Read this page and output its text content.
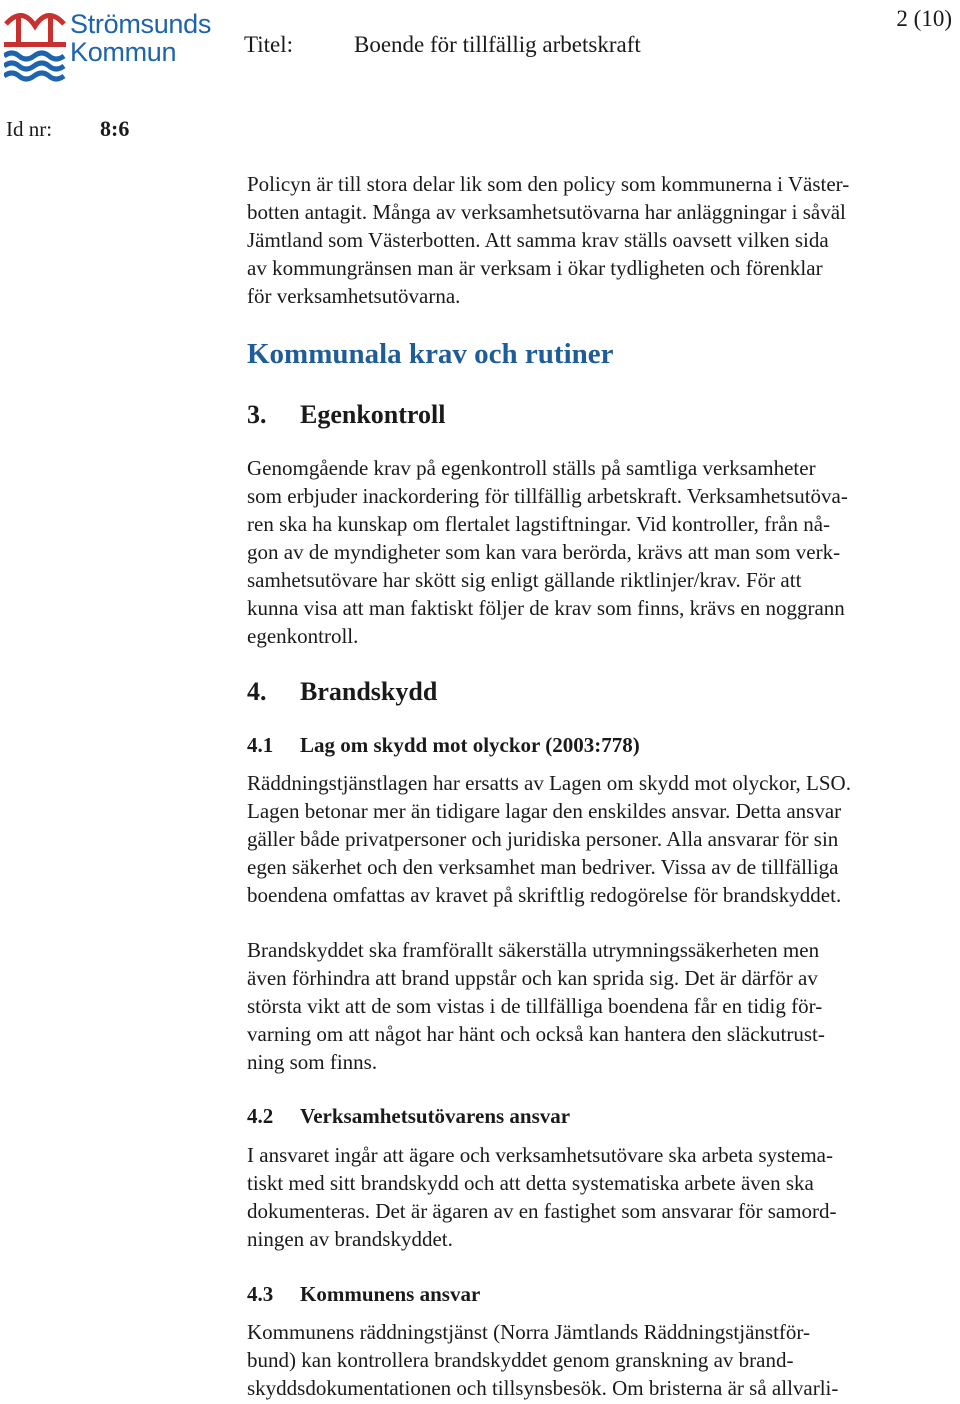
Strömsunds
Kommun	Titel:	Boende för tillfällig arbetskraft
2 (10)
Id nr: 8:6

Policyn är till stora delar lik som den policy som kommunerna i Väster-
botten antagit. Många av verksamhetsutövarna har anläggningar i såväl
Jämtland som Västerbotten. Att samma krav ställs oavsett vilken sida
av kommungränsen man är verksam i ökar tydligheten och förenklar
för verksamhetsutövarna.

Kommunala krav och rutiner
3.	Egenkontroll

Genomgående krav på egenkontroll ställs på samtliga verksamheter
som erbjuder inackordering för tillfällig arbetskraft. Verksamhetsutöva-
ren ska ha kunskap om flertalet lagstiftningar. Vid kontroller, från nå-
gon av de myndigheter som kan vara berörda, krävs att man som verk-
samhetsutövare har skött sig enligt gällande riktlinjer/krav. För att
kunna visa att man faktiskt följer de krav som finns, krävs en noggrann
egenkontroll.

4.	Brandskydd
4.1	Lag om skydd mot olyckor (2003:778)

Räddningstjänstlagen har ersatts av Lagen om skydd mot olyckor, LSO.
Lagen betonar mer än tidigare lagar den enskildes ansvar. Detta ansvar
gäller både privatpersoner och juridiska personer. Alla ansvarar för sin
egen säkerhet och den verksamhet man bedriver. Vissa av de tillfälliga
boendena omfattas av kravet på skriftlig redogörelse för brandskyddet.

Brandskyddet ska framförallt säkerställa utrymningssäkerheten men
även förhindra att brand uppstår och kan sprida sig. Det är därför av
största vikt att de som vistas i de tillfälliga boendena får en tidig för-
varning om att något har hänt och också kan hantera den släckutrust-
ning som finns.

4.2	Verksamhetsutövarens ansvar

I ansvaret ingår att ägare och verksamhetsutövare ska arbeta systema-
tiskt med sitt brandskydd och att detta systematiska arbete även ska
dokumenteras. Det är ägaren av en fastighet som ansvarar för samord-
ningen av brandskyddet.

4.3	Kommunens ansvar

Kommunens räddningstjänst (Norra Jämtlands Räddningstjänstför-
bund) kan kontrollera brandskyddet genom granskning av brand-
skyddsdokumentationen och tillsynsbesök. Om bristerna är så allvarli-
